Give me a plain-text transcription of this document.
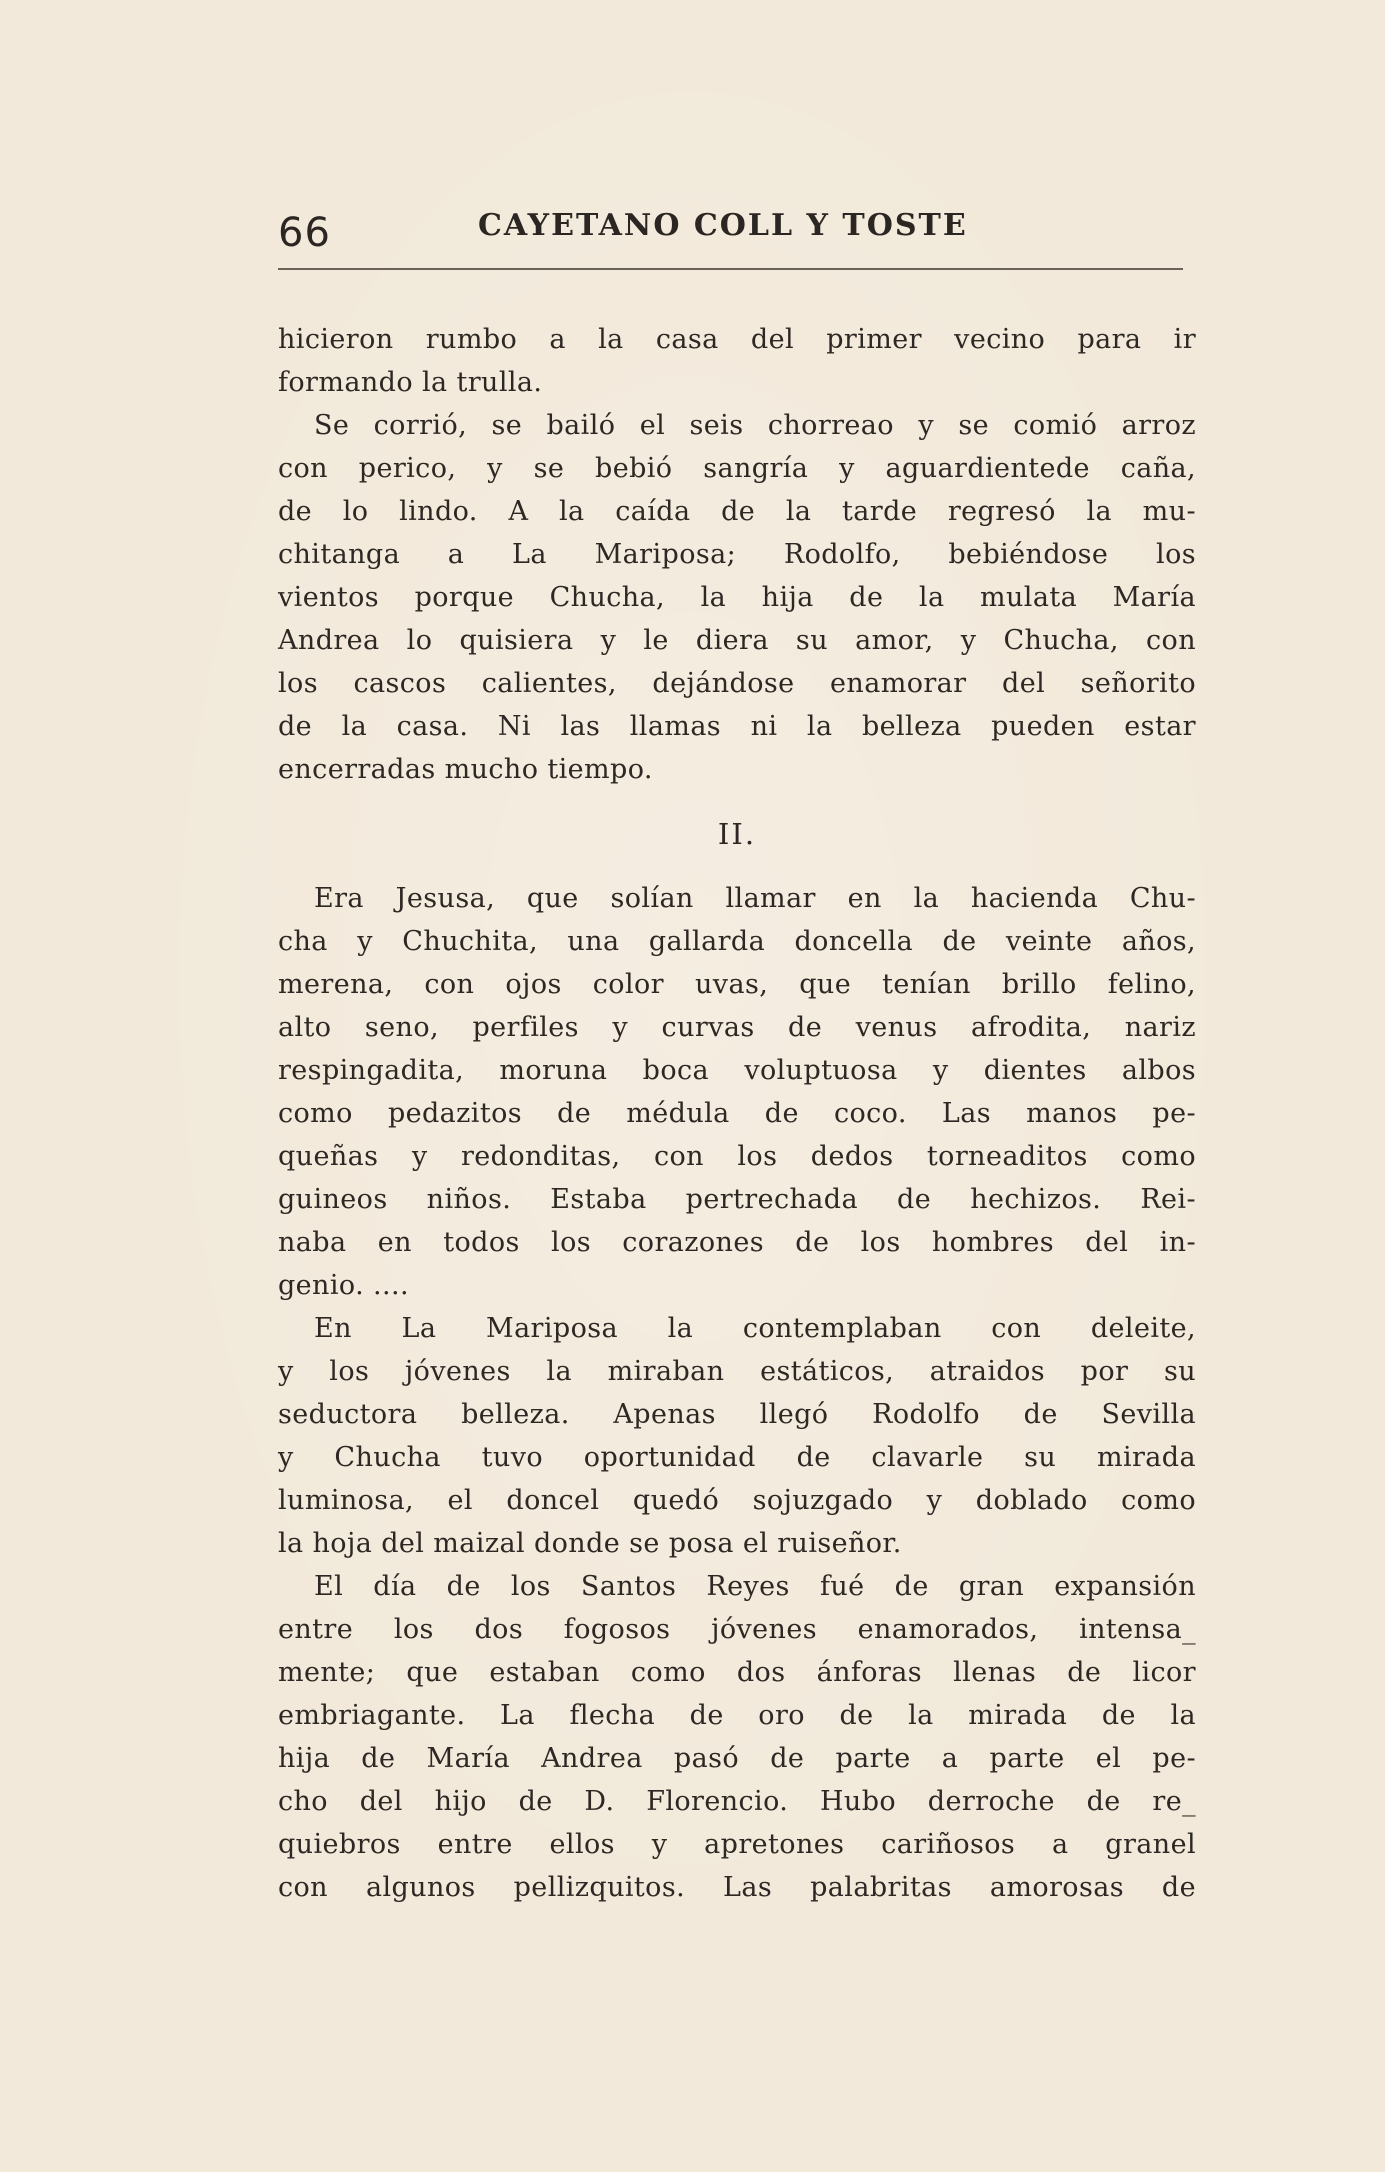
66	CAYETANO COLL Y TOSTE
hicieron rumbo a la casa del primer vecino para ir
formando la trulla.
Se corrió, se bailó el seis chorreao y se comió arroz
con perico, y se bebió sangría y aguardientede caña,
de lo lindo. A la caída de la tarde regresó la mu-
chitanga a La Mariposa; Rodolfo, bebiéndose los
vientos porque Chucha, la hija de la mulata María
Andrea lo quisiera y le diera su amor, y Chucha, con
los cascos calientes, dejándose enamorar del señorito
de la casa. Ni las llamas ni la belleza pueden estar
encerradas mucho tiempo.
II.
Era Jesusa, que solían llamar en la hacienda Chu-
cha y Chuchita, una gallarda doncella de veinte años,
merena, con ojos color uvas, que tenían brillo felino,
alto seno, perfiles y curvas de venus afrodita, nariz
respingadita, moruna boca voluptuosa y dientes albos
como pedazitos de médula de coco. Las manos pe-
queñas y redonditas, con los dedos torneaditos como
guineos niños. Estaba pertrechada de hechizos. Rei-
naba en todos los corazones de los hombres del in-
genio. ....
En La Mariposa la contemplaban con deleite,
y los jóvenes la miraban estáticos, atraidos por su
seductora belleza. Apenas llegó Rodolfo de Sevilla
y Chucha tuvo oportunidad de clavarle su mirada
luminosa, el doncel quedó sojuzgado y doblado como
la hoja del maizal donde se posa el ruiseñor.
El día de los Santos Reyes fué de gran expansión
entre los dos fogosos jóvenes enamorados, intensa_
mente; que estaban como dos ánforas llenas de licor
embriagante. La flecha de oro de la mirada de la
hija de María Andrea pasó de parte a parte el pe-
cho del hijo de D. Florencio. Hubo derroche de re_
quiebros entre ellos y apretones cariñosos a granel
con algunos pellizquitos. Las palabritas amorosas de
